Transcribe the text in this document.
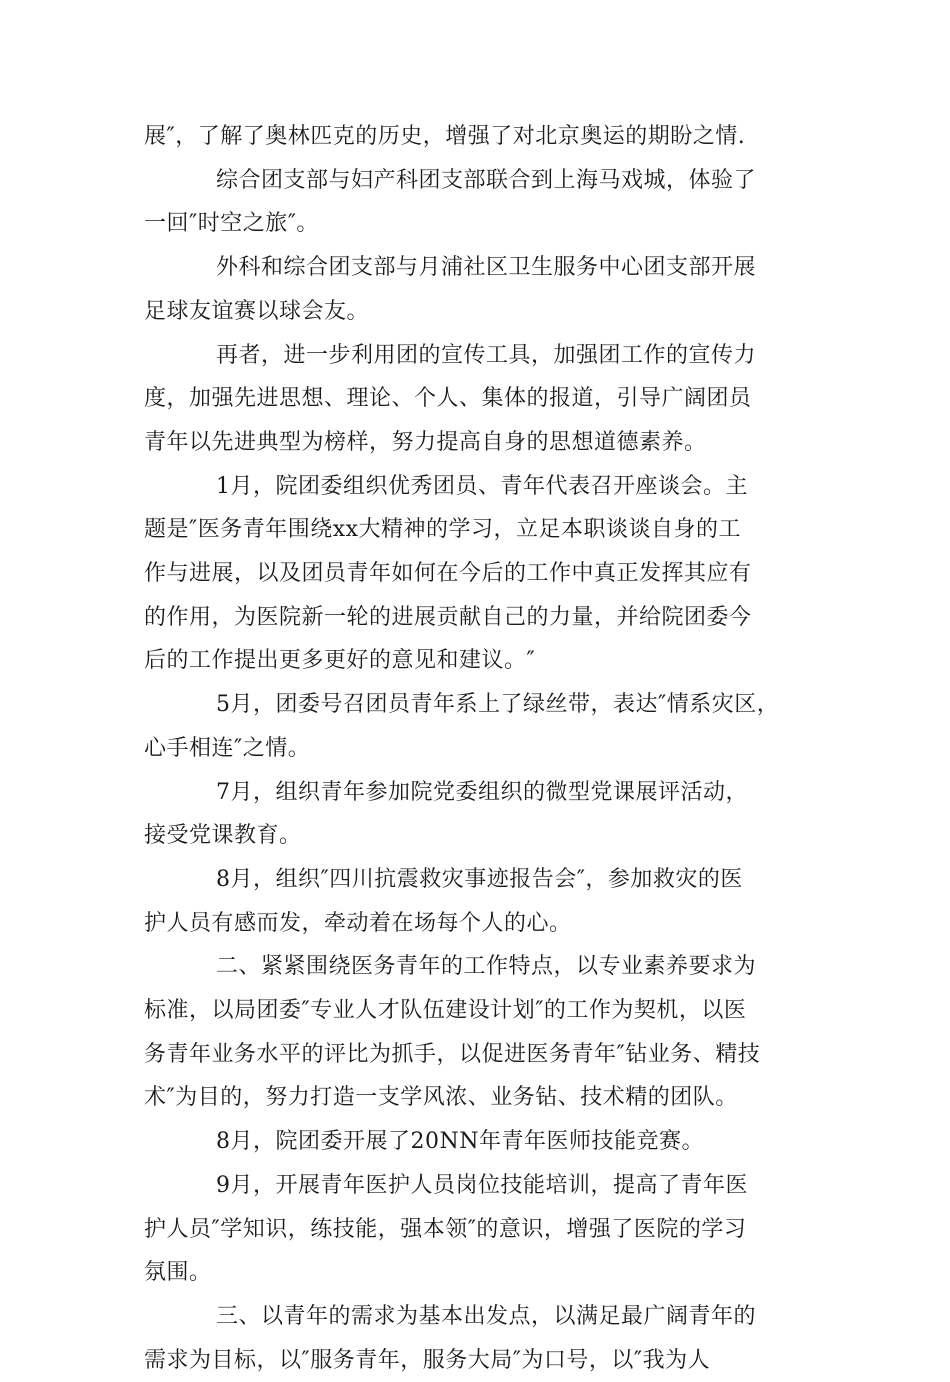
展″，了解了奥林匹克的历史，增强了对北京奥运的期盼之情.

综合团支部与妇产科团支部联合到上海马戏城，体验了
一回″时空之旅″。

外科和综合团支部与月浦社区卫生服务中心团支部开展
足球友谊赛以球会友。

再者，进一步利用团的宣传工具，加强团工作的宣传力
度，加强先进思想、理论、个人、集体的报道，引导广阔团员
青年以先进典型为榜样，努力提高自身的思想道德素养。

1月，院团委组织优秀团员、青年代表召开座谈会。主
题是″医务青年围绕xx大精神的学习，立足本职谈谈自身的工
作与进展，以及团员青年如何在今后的工作中真正发挥其应有
的作用，为医院新一轮的进展贡献自己的力量，并给院团委今
后的工作提出更多更好的意见和建议。″

5月，团委号召团员青年系上了绿丝带，表达″情系灾区，
心手相连″之情。

7月，组织青年参加院党委组织的微型党课展评活动，
接受党课教育。

8月，组织″四川抗震救灾事迹报告会″，参加救灾的医
护人员有感而发，牵动着在场每个人的心。

二、紧紧围绕医务青年的工作特点，以专业素养要求为
标准，以局团委″专业人才队伍建设计划″的工作为契机，以医
务青年业务水平的评比为抓手，以促进医务青年″钻业务、精技
术″为目的，努力打造一支学风浓、业务钻、技术精的团队。

8月，院团委开展了20NN年青年医师技能竞赛。

9月，开展青年医护人员岗位技能培训，提高了青年医
护人员″学知识，练技能，强本领″的意识，增强了医院的学习
氛围。

三、以青年的需求为基本出发点，以满足最广阔青年的
需求为目标，以″服务青年，服务大局″为口号，以″我为人
